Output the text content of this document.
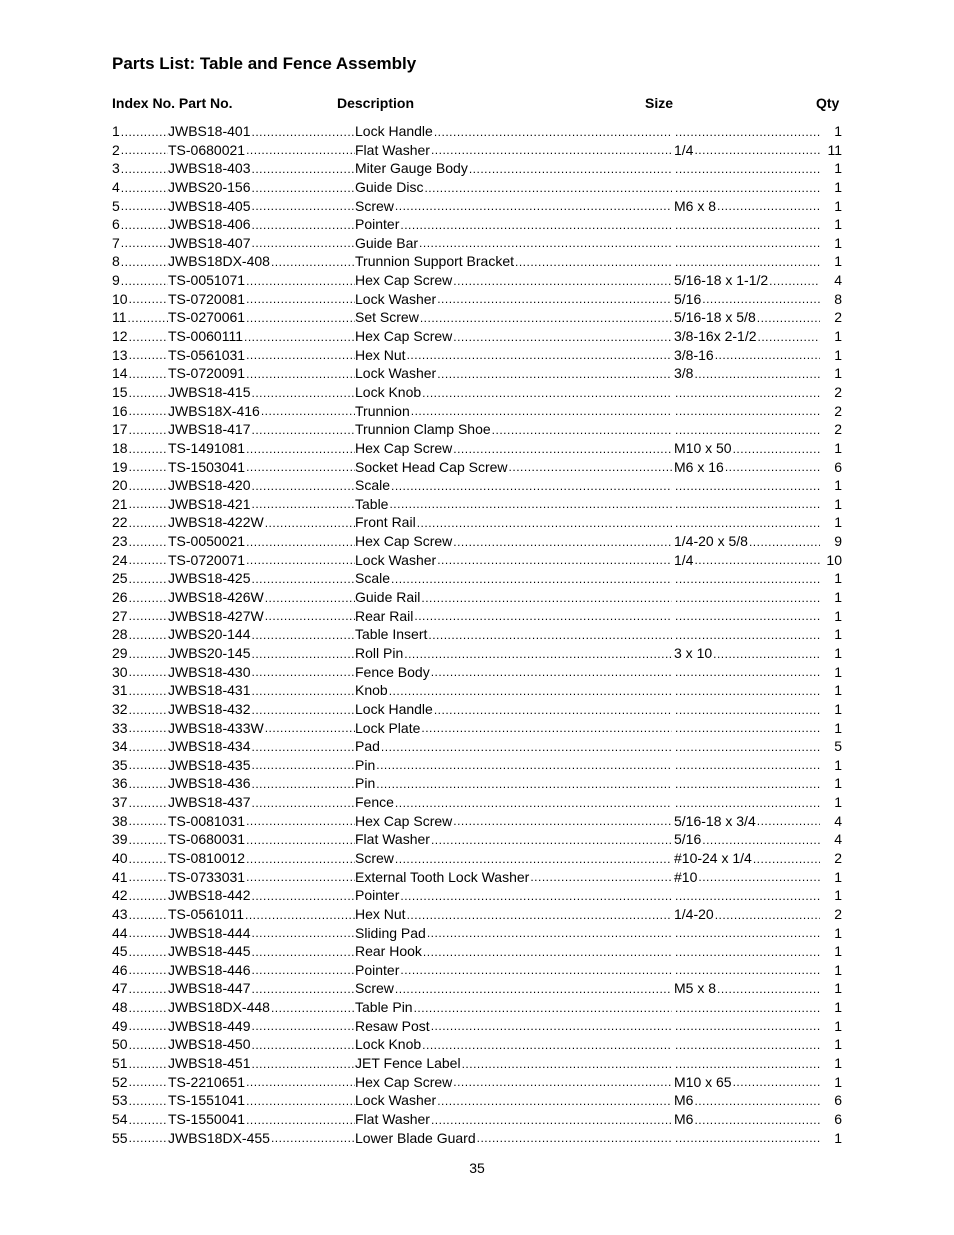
Parts List: Table and Fence Assembly
Index No. Part No.	Description	Size	Qty
1 .....	JWBS18-401 .....	Lock Handle ..... .....	1
2 .....	TS-0680021 .....	Flat Washer .....	1/4 .....	11
3 .....	JWBS18-403 .....	Miter Gauge Body ..... .....	1
4 .....	JWBS20-156 .....	Guide Disc ..... .....	1
5 .....	JWBS18-405 .....	Screw .....	M6 x 8 .....	1
6 .....	JWBS18-406 .....	Pointer ..... .....	1
7 .....	JWBS18-407 .....	Guide Bar ..... .....	1
8 .....	JWBS18DX-408 .....	Trunnion Support Bracket ..... .....	1
9 .....	TS-0051071 .....	Hex Cap Screw .....	5/16-18 x 1-1/2 .....	4
10 .....	TS-0720081 .....	Lock Washer .....	5/16 .....	8
11 .....	TS-0270061 .....	Set Screw .....	5/16-18 x 5/8 .....	2
12 .....	TS-0060111 .....	Hex Cap Screw .....	3/8-16x 2-1/2 .....	1
13 .....	TS-0561031 .....	Hex Nut .....	3/8-16 .....	1
14 .....	TS-0720091 .....	Lock Washer .....	3/8 .....	1
15 .....	JWBS18-415 .....	Lock Knob ..... .....	2
16 .....	JWBS18X-416 .....	Trunnion ..... .....	2
17 .....	JWBS18-417 .....	Trunnion Clamp Shoe ..... .....	2
18 .....	TS-1491081 .....	Hex Cap Screw .....	M10 x 50 .....	1
19 .....	TS-1503041 .....	Socket Head Cap Screw .....	M6 x 16 .....	6
20 .....	JWBS18-420 .....	Scale ..... .....	1
21 .....	JWBS18-421 .....	Table ..... .....	1
22 .....	JWBS18-422W .....	Front Rail ..... .....	1
23 .....	TS-0050021 .....	Hex Cap Screw .....	1/4-20 x 5/8 .....	9
24 .....	TS-0720071 .....	Lock Washer .....	1/4 .....	10
25 .....	JWBS18-425 .....	Scale ..... .....	1
26 .....	JWBS18-426W .....	Guide Rail ..... .....	1
27 .....	JWBS18-427W .....	Rear Rail ..... .....	1
28 .....	JWBS20-144 .....	Table Insert ..... .....	1
29 .....	JWBS20-145 .....	Roll Pin .....	3 x 10 .....	1
30 .....	JWBS18-430 .....	Fence Body ..... .....	1
31 .....	JWBS18-431 .....	Knob ..... .....	1
32 .....	JWBS18-432 .....	Lock Handle ..... .....	1
33 .....	JWBS18-433W .....	Lock Plate ..... .....	1
34 .....	JWBS18-434 .....	Pad ..... .....	5
35 .....	JWBS18-435 .....	Pin ..... .....	1
36 .....	JWBS18-436 .....	Pin ..... .....	1
37 .....	JWBS18-437 .....	Fence ..... .....	1
38 .....	TS-0081031 .....	Hex Cap Screw .....	5/16-18 x 3/4 .....	4
39 .....	TS-0680031 .....	Flat Washer .....	5/16 .....	4
40 .....	TS-0810012 .....	Screw .....	#10-24 x 1/4 .....	2
41 .....	TS-0733031 .....	External Tooth Lock Washer .....	#10 .....	1
42 .....	JWBS18-442 .....	Pointer ..... .....	1
43 .....	TS-0561011 .....	Hex Nut .....	1/4-20 .....	2
44 .....	JWBS18-444 .....	Sliding Pad ..... .....	1
45 .....	JWBS18-445 .....	Rear Hook ..... .....	1
46 .....	JWBS18-446 .....	Pointer ..... .....	1
47 .....	JWBS18-447 .....	Screw .....	M5 x 8 .....	1
48 .....	JWBS18DX-448 .....	Table Pin ..... .....	1
49 .....	JWBS18-449 .....	Resaw Post ..... .....	1
50 .....	JWBS18-450 .....	Lock Knob ..... .....	1
51 .....	JWBS18-451 .....	JET Fence Label ..... .....	1
52 .....	TS-2210651 .....	Hex Cap Screw .....	M10 x 65 .....	1
53 .....	TS-1551041 .....	Lock Washer .....	M6 .....	6
54 .....	TS-1550041 .....	Flat Washer .....	M6 .....	6
55 .....	JWBS18DX-455 .....	Lower Blade Guard ..... .....	1
35
